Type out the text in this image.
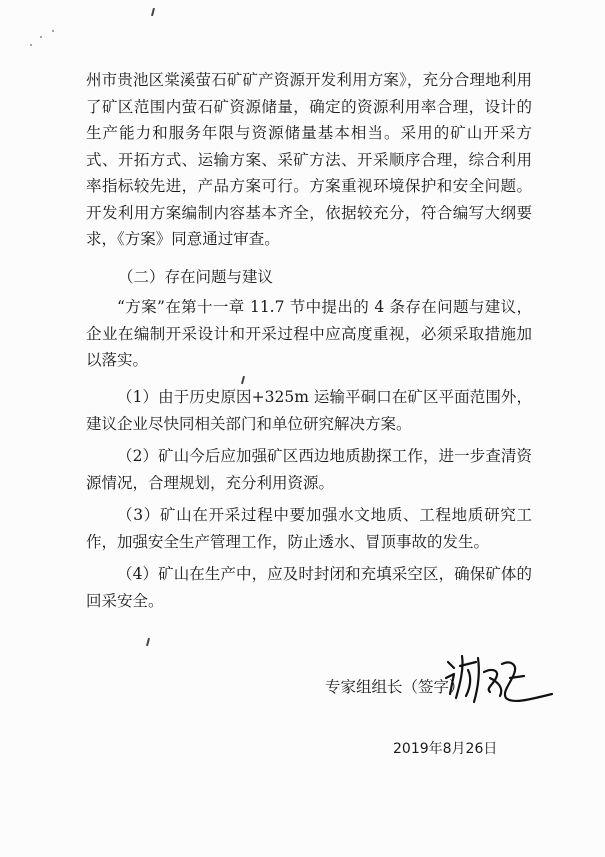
州市贵池区棠溪萤石矿矿产资源开发利用方案》，充分合理地利用了矿区范围内萤石矿资源储量，确定的资源利用率合理，设计的生产能力和服务年限与资源储量基本相当。采用的矿山开采方式、开拓方式、运输方案、采矿方法、开采顺序合理，综合利用率指标较先进，产品方案可行。方案重视环境保护和安全问题。开发利用方案编制内容基本齐全，依据较充分，符合编写大纲要求，《方案》同意通过审查。

（二）存在问题与建议

“方案”在第十一章 11.7 节中提出的 4 条存在问题与建议，企业在编制开采设计和开采过程中应高度重视，必须采取措施加以落实。

（1）由于历史原因+325m 运输平硐口在矿区平面范围外，建议企业尽快同相关部门和单位研究解决方案。

（2）矿山今后应加强矿区西边地质勘探工作，进一步查清资源情况，合理规划，充分利用资源。

（3）矿山在开采过程中要加强水文地质、工程地质研究工作，加强安全生产管理工作，防止透水、冒顶事故的发生。

（4）矿山在生产中，应及时封闭和充填采空区，确保矿体的回采安全。

专家组组长（签字）
2019年8月26日
